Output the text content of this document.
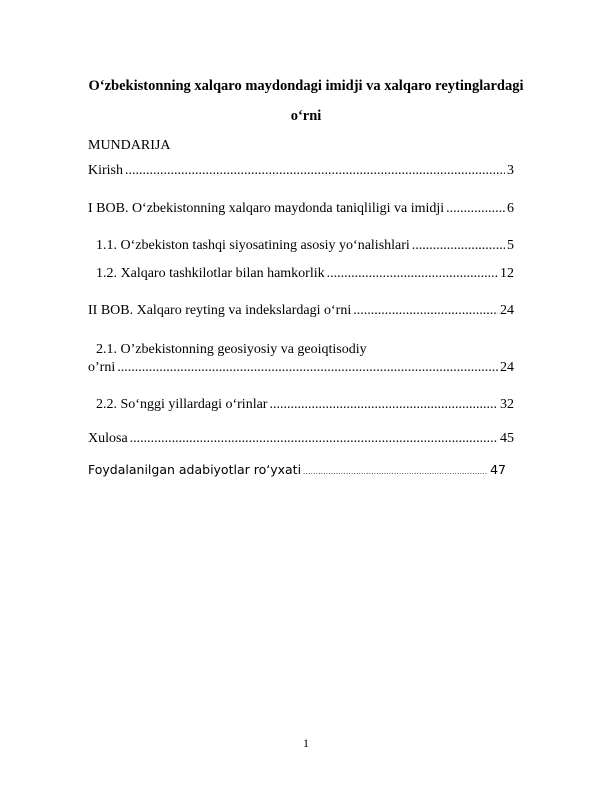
O‘zbekistonning xalqaro maydondagi imidji va xalqaro reytinglardagi o‘rni
MUNDARIJA
Kirish .....	3
I BOB. O‘zbekistonning xalqaro maydonda taniqliligi va imidji .....	6
1.1. O‘zbekiston tashqi siyosatining asosiy yo‘nalishlari .....	5
1.2. Xalqaro tashkilotlar bilan hamkorlik .....	12
II BOB. Xalqaro reyting va indekslardagi o‘rni .....	24
2.1. O’zbekistonning geosiyosiy va geoiqtisodiy
o’rni .....	24
2.2. So‘nggi yillardagi o‘rinlar .....	32
Xulosa .....	45
Foydalanilgan adabiyotlar ro‘yxati .....	47
1
